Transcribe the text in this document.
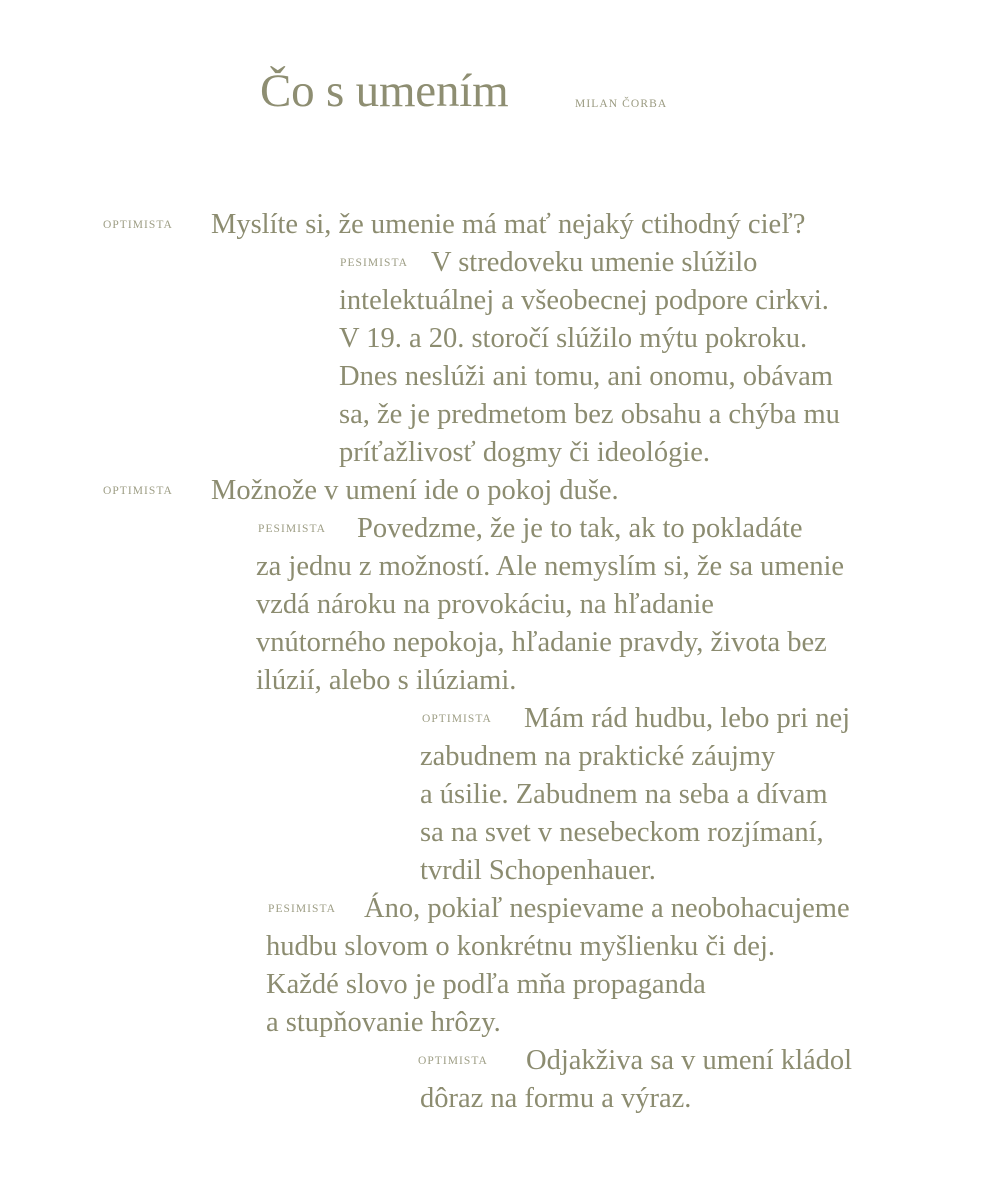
Čo s umením	MILAN ČORBA
OPTIMISTA Myslíte si, že umenie má mať nejaký ctihodný cieľ?
PESIMISTA V stredoveku umenie slúžilo
intelektuálnej a všeobecnej podpore cirkvi.
V 19. a 20. storočí slúžilo mýtu pokroku.
Dnes neslúži ani tomu, ani onomu, obávam
sa, že je predmetom bez obsahu a chýba mu
príťažlivosť dogmy či ideológie.
OPTIMISTA Možnože v umení ide o pokoj duše.
PESIMISTA Povedzme, že je to tak, ak to pokladáte
za jednu z možností. Ale nemyslím si, že sa umenie
vzdá nároku na provokáciu, na hľadanie
vnútorného nepokoja, hľadanie pravdy, života bez
ilúzií, alebo s ilúziami.
OPTIMISTA Mám rád hudbu, lebo pri nej
zabudnem na praktické záujmy
a úsilie. Zabudnem na seba a dívam
sa na svet v nesebeckom rozjímaní,
tvrdil Schopenhauer.
PESIMISTA Áno, pokiaľ nespievame a neobohacujeme
hudbu slovom o konkrétnu myšlienku či dej.
Každé slovo je podľa mňa propaganda
a stupňovanie hrôzy.
OPTIMISTA Odjakživa sa v umení kládol
dôraz na formu a výraz.
